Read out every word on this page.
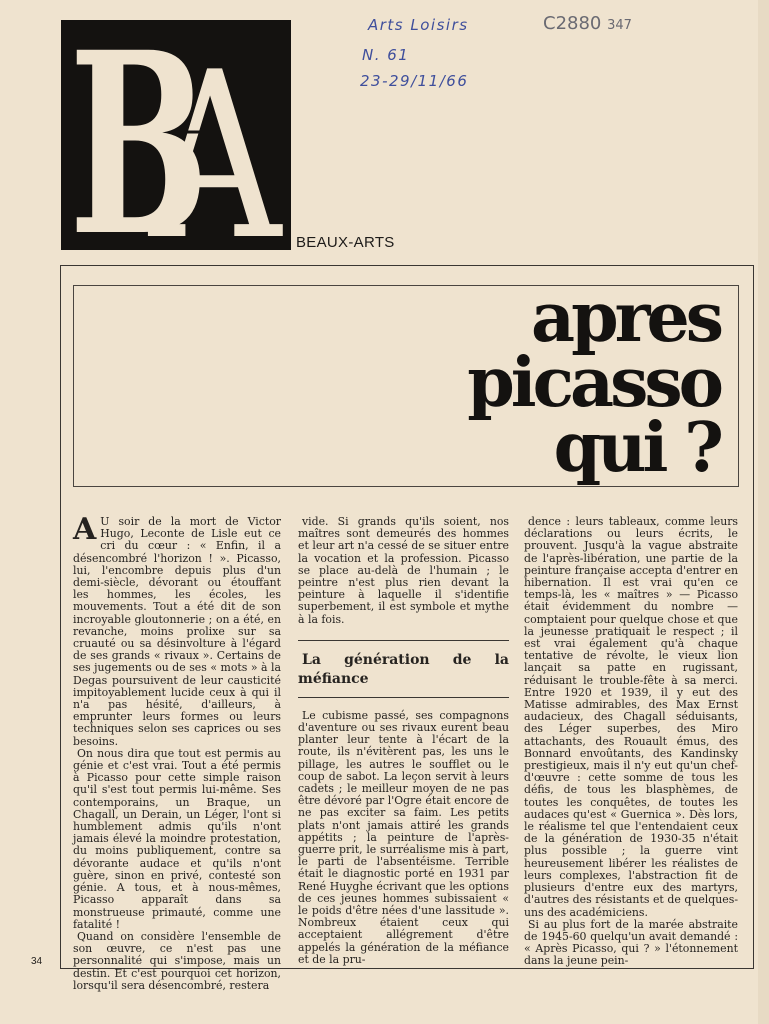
B
A BEAUX-ARTS
Arts Loisirs
N. 61
23-29/11/66
C2880 347
apres
picasso
qui ?

A U soir de la mort de Victor Hugo, Leconte de Lisle eut ce cri du cœur : « Enfin, il a désencombré l'horizon ! ». Picasso, lui, l'encombre depuis plus d'un demi-siècle, dévorant ou étouffant les hommes, les écoles, les mouvements. Tout a été dit de son incroyable gloutonnerie ; on a été, en revanche, moins prolixe sur sa cruauté ou sa désinvolture à l'égard de ses grands « rivaux ». Certains de ses jugements ou de ses « mots » à la Degas poursuivent de leur causticité impitoyablement lucide ceux à qui il n'a pas hésité, d'ailleurs, à emprunter leurs formes ou leurs techniques selon ses caprices ou ses besoins.

On nous dira que tout est permis au génie et c'est vrai. Tout a été permis à Picasso pour cette simple raison qu'il s'est tout permis lui-même. Ses contemporains, un Braque, un Chagall, un Derain, un Léger, l'ont si humblement admis qu'ils n'ont jamais élevé la moindre protestation, du moins publiquement, contre sa dévorante audace et qu'ils n'ont guère, sinon en privé, contesté son génie. A tous, et à nous-mêmes, Picasso apparaît dans sa monstrueuse primauté, comme une fatalité !

Quand on considère l'ensemble de son œuvre, ce n'est pas une personnalité qui s'impose, mais un destin. Et c'est pourquoi cet horizon, lorsqu'il sera désencombré, restera

vide. Si grands qu'ils soient, nos maîtres sont demeurés des hommes et leur art n'a cessé de se situer entre la vocation et la profession. Picasso se place au-delà de l'humain ; le peintre n'est plus rien devant la peinture à laquelle il s'identifie superbement, il est symbole et mythe à la fois.

La génération de la méfiance

Le cubisme passé, ses compagnons d'aventure ou ses rivaux eurent beau planter leur tente à l'écart de la route, ils n'évitèrent pas, les uns le pillage, les autres le soufflet ou le coup de sabot. La leçon servit à leurs cadets ; le meilleur moyen de ne pas être dévoré par l'Ogre était encore de ne pas exciter sa faim. Les petits plats n'ont jamais attiré les grands appétits ; la peinture de l'après-guerre prit, le surréalisme mis à part, le parti de l'absentéisme. Terrible était le diagnostic porté en 1931 par René Huyghe écrivant que les options de ces jeunes hommes subissaient « le poids d'être nées d'une lassitude ». Nombreux étaient ceux qui acceptaient allégrement d'être appelés la génération de la méfiance et de la pru-

dence : leurs tableaux, comme leurs déclarations ou leurs écrits, le prouvent. Jusqu'à la vague abstraite de l'après-libération, une partie de la peinture française accepta d'entrer en hibernation. Il est vrai qu'en ce temps-là, les « maîtres » — Picasso était évidemment du nombre — comptaient pour quelque chose et que la jeunesse pratiquait le respect ; il est vrai également qu'à chaque tentative de révolte, le vieux lion lançait sa patte en rugissant, réduisant le trouble-fête à sa merci. Entre 1920 et 1939, il y eut des Matisse admirables, des Max Ernst audacieux, des Chagall séduisants, des Léger superbes, des Miro attachants, des Rouault émus, des Bonnard envoûtants, des Kandinsky prestigieux, mais il n'y eut qu'un chef-d'œuvre : cette somme de tous les défis, de tous les blasphèmes, de toutes les conquêtes, de toutes les audaces qu'est « Guernica ». Dès lors, le réalisme tel que l'entendaient ceux de la génération de 1930-35 n'était plus possible ; la guerre vint heureusement libérer les réalistes de leurs complexes, l'abstraction fit de plusieurs d'entre eux des martyrs, d'autres des résistants et de quelques-uns des académiciens.

Si au plus fort de la marée abstraite de 1945-60 quelqu'un avait demandé : « Après Picasso, qui ? » l'étonnement dans la jeune pein-

34
